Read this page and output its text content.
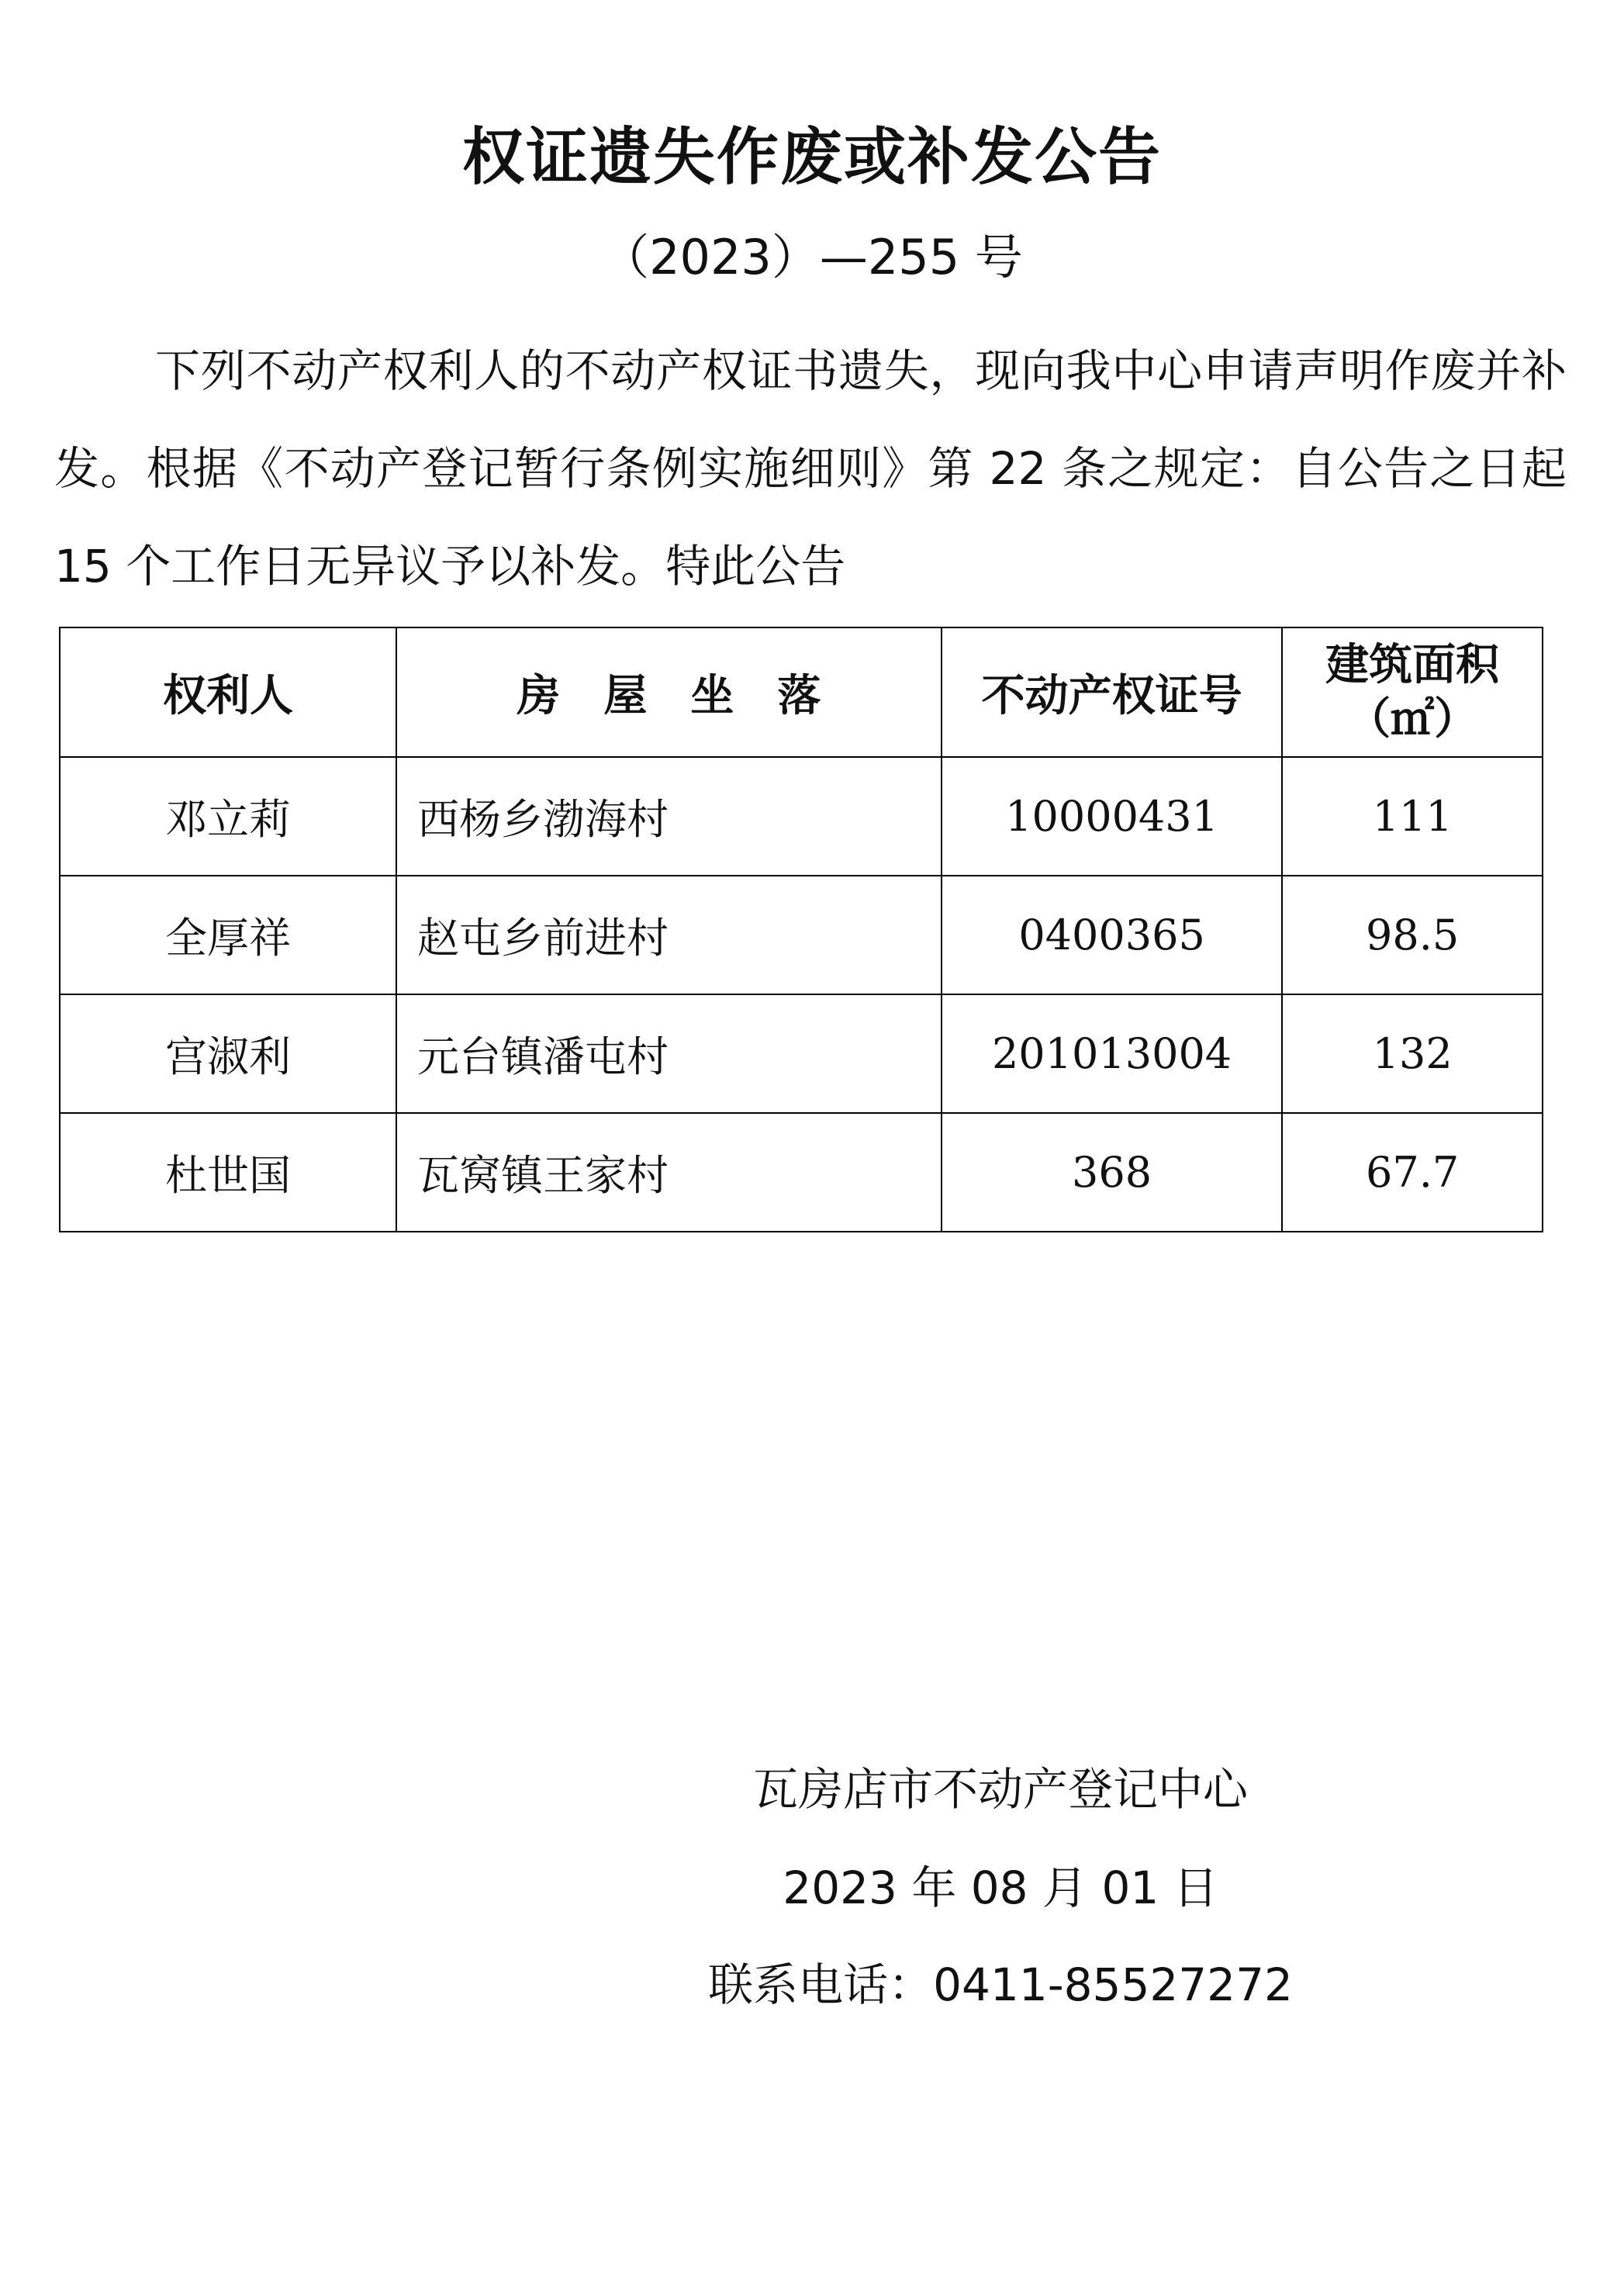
权证遗失作废或补发公告
（2023）—255 号

下列不动产权利人的不动产权证书遗失，现向我中心申请声明作废并补发。根据《不动产登记暂行条例实施细则》第 22 条之规定：自公告之日起 15 个工作日无异议予以补发。特此公告

权利人	房　屋　坐　落	不动产权证号	建筑面积
（㎡）

邓立莉	西杨乡渤海村	10000431	111
全厚祥	赵屯乡前进村	0400365	98.5
宫淑利	元台镇潘屯村	201013004	132
杜世国	瓦窝镇王家村	368	67.7
瓦房店市不动产登记中心
2023 年 08 月 01 日
联系电话：0411-85527272
